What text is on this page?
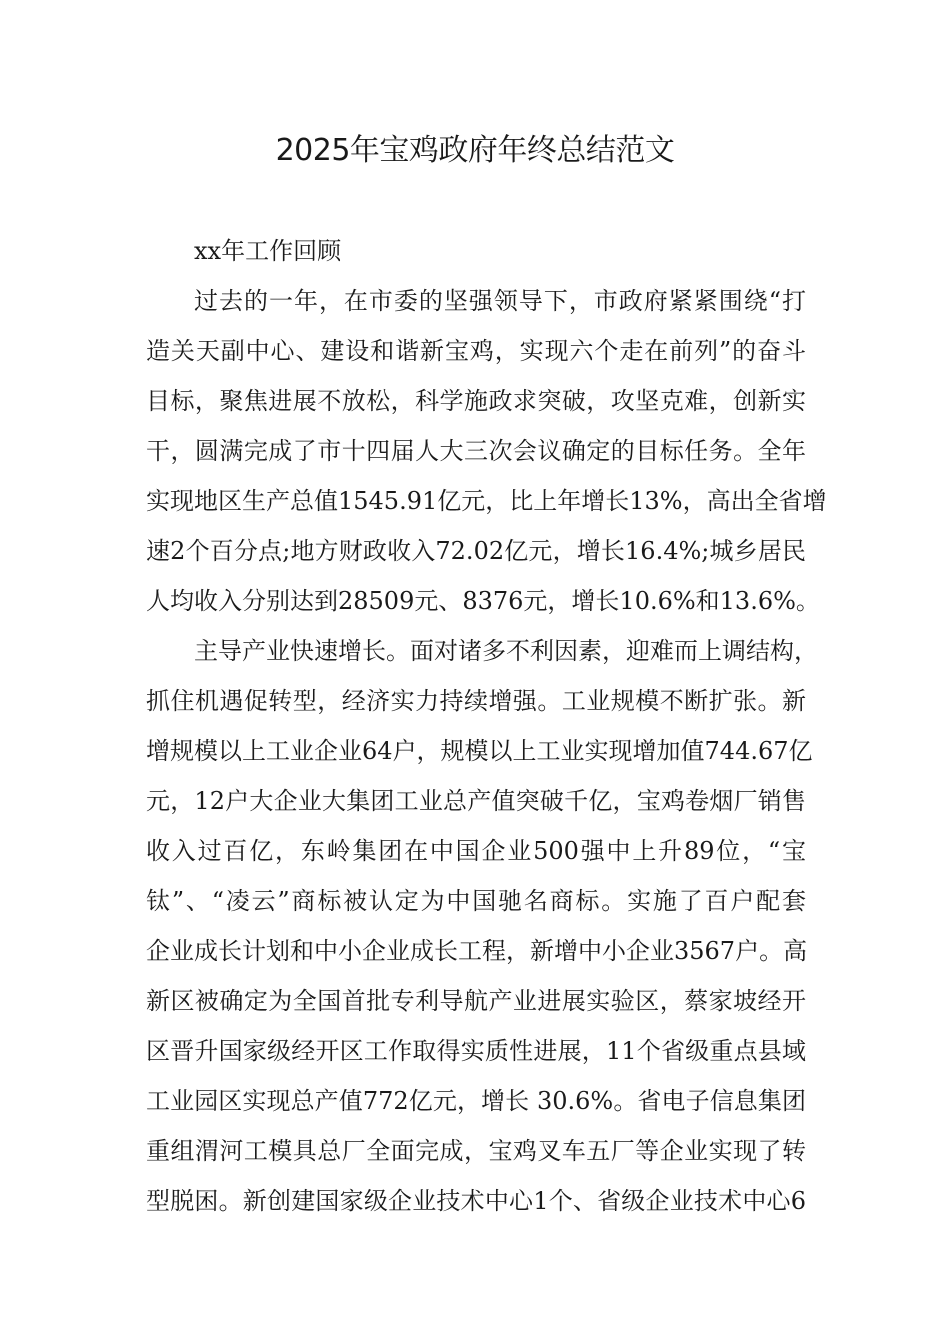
2025年宝鸡政府年终总结范文
xx年工作回顾
过去的一年，在市委的坚强领导下，市政府紧紧围绕“打
造关天副中心、建设和谐新宝鸡，实现六个走在前列”的奋斗
目标，聚焦进展不放松，科学施政求突破，攻坚克难，创新实
干，圆满完成了市十四届人大三次会议确定的目标任务。全年
实现地区生产总值1545.91亿元，比上年增长13%，高出全省增
速2个百分点;地方财政收入72.02亿元，增长16.4%;城乡居民
人均收入分别达到28509元、8376元，增长10.6%和13.6%。
主导产业快速增长。面对诸多不利因素，迎难而上调结构，
抓住机遇促转型，经济实力持续增强。工业规模不断扩张。新
增规模以上工业企业64户，规模以上工业实现增加值744.67亿
元，12户大企业大集团工业总产值突破千亿，宝鸡卷烟厂销售
收入过百亿，东岭集团在中国企业500强中上升89位，“宝
钛”、“凌云”商标被认定为中国驰名商标。实施了百户配套
企业成长计划和中小企业成长工程，新增中小企业3567户。高
新区被确定为全国首批专利导航产业进展实验区，蔡家坡经开
区晋升国家级经开区工作取得实质性进展，11个省级重点县域
工业园区实现总产值772亿元，增长 30.6%。省电子信息集团
重组渭河工模具总厂全面完成，宝鸡叉车五厂等企业实现了转
型脱困。新创建国家级企业技术中心1个、省级企业技术中心6
